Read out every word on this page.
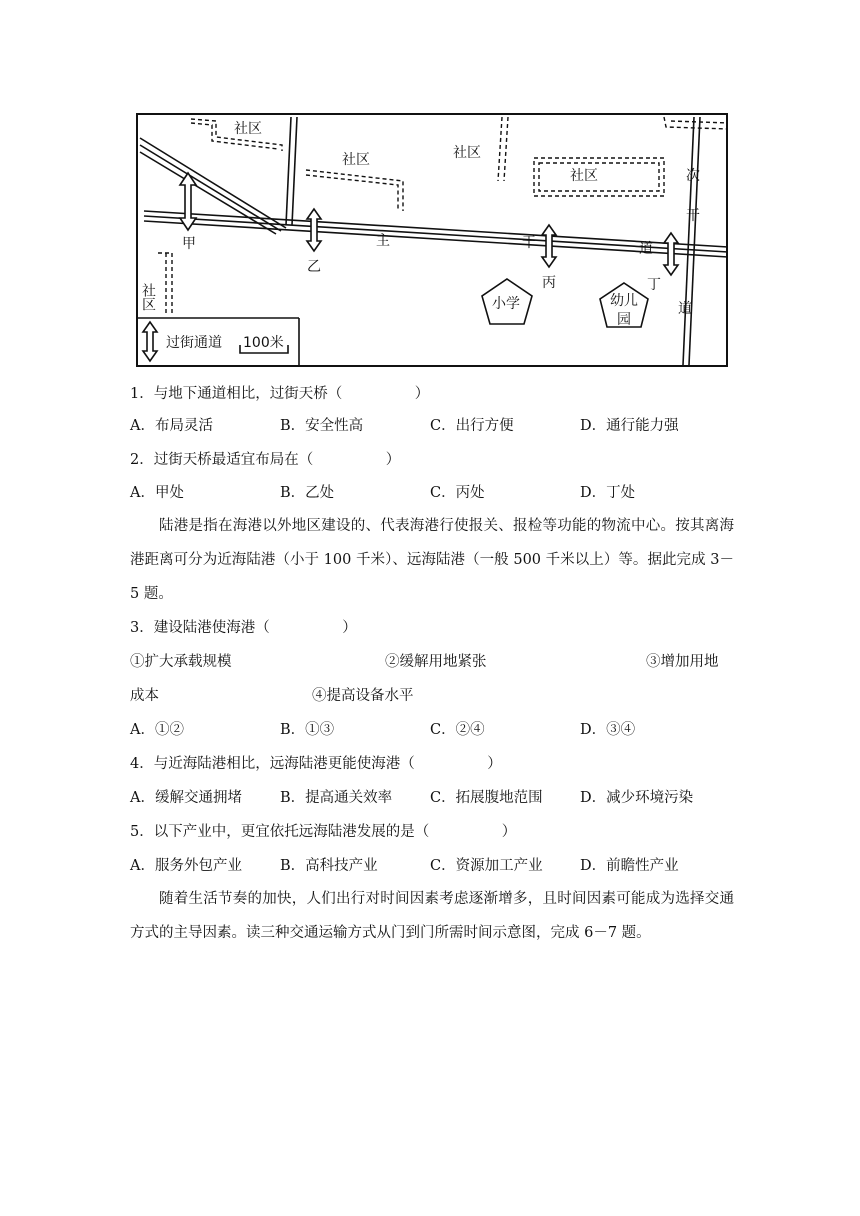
社区
社区	社区
社区
社区
主	干	道
次
干
道
甲
乙
丙	丁
小学	幼儿
园
过街通道 100米
1．与地下通道相比，过街天桥（　　　　　）
A．布局灵活	B．安全性高	C．出行方便	D．通行能力强
2．过街天桥最适宜布局在（　　　　　）
A．甲处	B．乙处	C．丙处	D．丁处
陆港是指在海港以外地区建设的、代表海港行使报关、报检等功能的物流中心。按其离海港距离可分为近海陆港（小于 100 千米）、远海陆港（一般 500 千米以上）等。据此完成 3－5 题。
3．建设陆港使海港（　　　　　）
①扩大承载规模	②缓解用地紧张	③增加用地
成本	④提高设备水平
A．①②	B．①③	C．②④	D．③④
4．与近海陆港相比，远海陆港更能使海港（　　　　　）
A．缓解交通拥堵	B．提高通关效率	C．拓展腹地范围	D．减少环境污染
5．以下产业中，更宜依托远海陆港发展的是（　　　　　）
A．服务外包产业	B．高科技产业	C．资源加工产业	D．前瞻性产业
随着生活节奏的加快，人们出行对时间因素考虑逐渐增多，且时间因素可能成为选择交通方式的主导因素。读三种交通运输方式从门到门所需时间示意图，完成 6－7 题。
